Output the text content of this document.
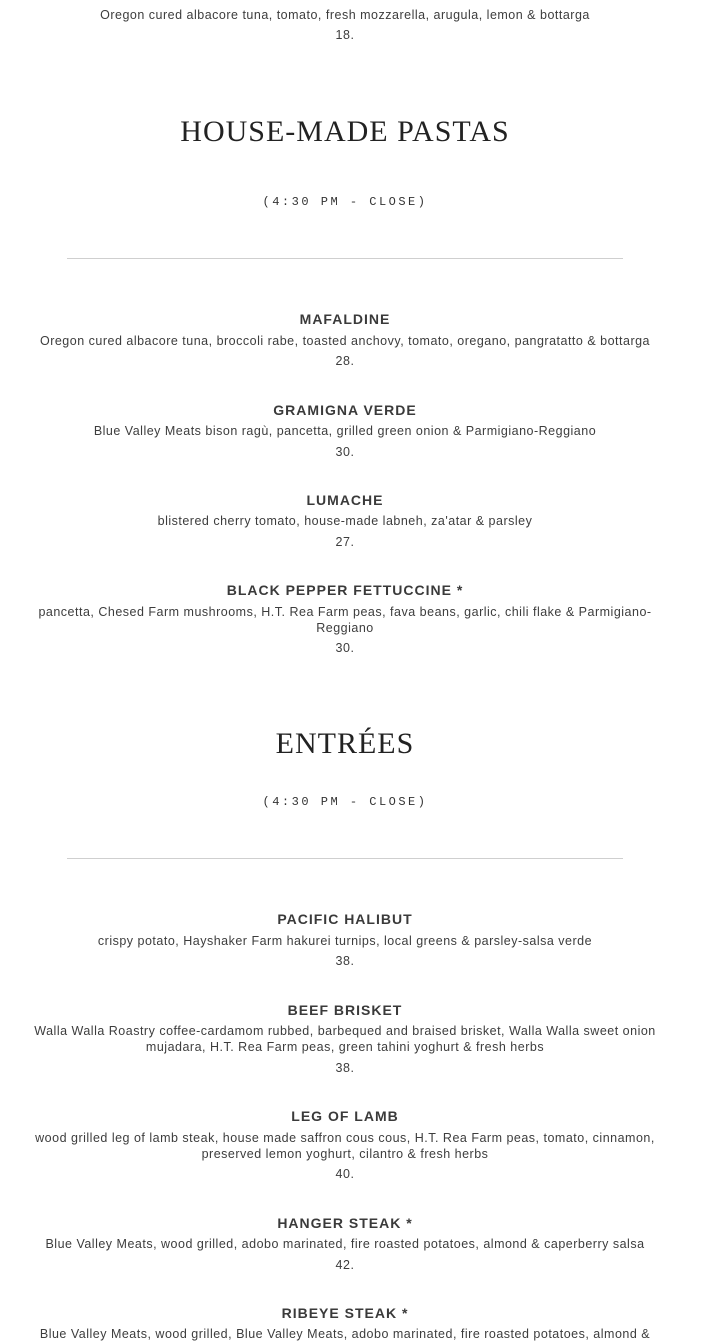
Oregon cured albacore tuna, tomato, fresh mozzarella, arugula, lemon & bottarga
18.
HOUSE-MADE PASTAS
(4:30 PM - CLOSE)
MAFALDINE
Oregon cured albacore tuna, broccoli rabe, toasted anchovy, tomato, oregano, pangratatto & bottarga
28.
GRAMIGNA VERDE
Blue Valley Meats bison ragù, pancetta, grilled green onion & Parmigiano-Reggiano
30.
LUMACHE
blistered cherry tomato, house-made labneh, za'atar & parsley
27.
BLACK PEPPER FETTUCCINE *
pancetta, Chesed Farm mushrooms, H.T. Rea Farm peas, fava beans, garlic, chili flake & Parmigiano-Reggiano
30.
ENTRÉES
(4:30 PM - CLOSE)
PACIFIC HALIBUT
crispy potato, Hayshaker Farm hakurei turnips, local greens & parsley-salsa verde
38.
BEEF BRISKET
Walla Walla Roastry coffee-cardamom rubbed, barbequed and braised brisket, Walla Walla sweet onion mujadara, H.T. Rea Farm peas, green tahini yoghurt & fresh herbs
38.
LEG OF LAMB
wood grilled leg of lamb steak, house made saffron cous cous, H.T. Rea Farm peas, tomato, cinnamon, preserved lemon yoghurt, cilantro & fresh herbs
40.
HANGER STEAK *
Blue Valley Meats, wood grilled, adobo marinated, fire roasted potatoes, almond & caperberry salsa
42.
RIBEYE STEAK *
Blue Valley Meats, wood grilled, Blue Valley Meats, adobo marinated, fire roasted potatoes, almond &
